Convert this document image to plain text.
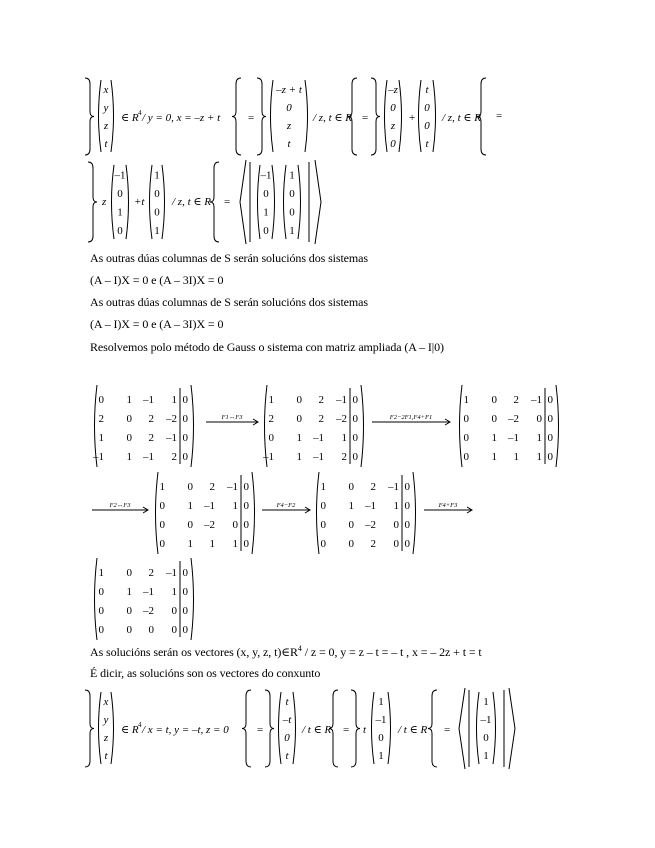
As outras dúas columnas de S serán solucións dos sistemas
(A – I)X = 0 e (A – 3I)X = 0
As outras dúas columnas de S serán solucións dos sistemas
(A – I)X = 0 e (A – 3I)X = 0
Resolvemos polo método de Gauss o sistema con matriz ampliada (A – I|0)
As solucións serán os vectores (x, y, z, $t)\in R^4 / z = 0$, y = z – t = – t , x = – 2z + t = t
É dicir, as solucións son os vectores do conxunto
x
y
z
t
∈ R 4 / y = 0, x = –z + t	=
–z + t
0
z
t
/ z, t ∈ R =
–z
0
z
0
+
t
0
0
t
/ z, t ∈ R =
z
–1
0
1
0
+t
1
0
0
1
/ z, t ∈ R =
–1
0
1
0
1
0
0
1
0 1 –1 1 0
2 0 2 –2 0
1 0 2 –1 0
–1 1 –1 2 0
F1↔F3
1 0 2 –1 0
2 0 2 –2 0
0 1 –1 1 0
–1 1 –1 2 0
F2−2F1,F4+F1
1 0 2 –1 0
0 0 –2 0 0
0 1 –1 1 0
0 1 1 1 0
F2↔F3
1 0 2 –1 0
0 1 –1 1 0
0 0 –2 0 0
0 1 1 1 0
F4−F2
1 0 2 –1 0
0 1 –1 1 0
0 0 –2 0 0
0 0 2 0 0
F4+F3
1 0 2 –1 0
0 1 –1 1 0
0 0 –2 0 0
0 0 0 0 0
x
y
z
t
∈ R 4 / x = t, y = –t, z = 0	=
t
–t
0
t
/ t ∈ R = t
1
–1
0
1
/ t ∈ R =
1
–1
0
1
